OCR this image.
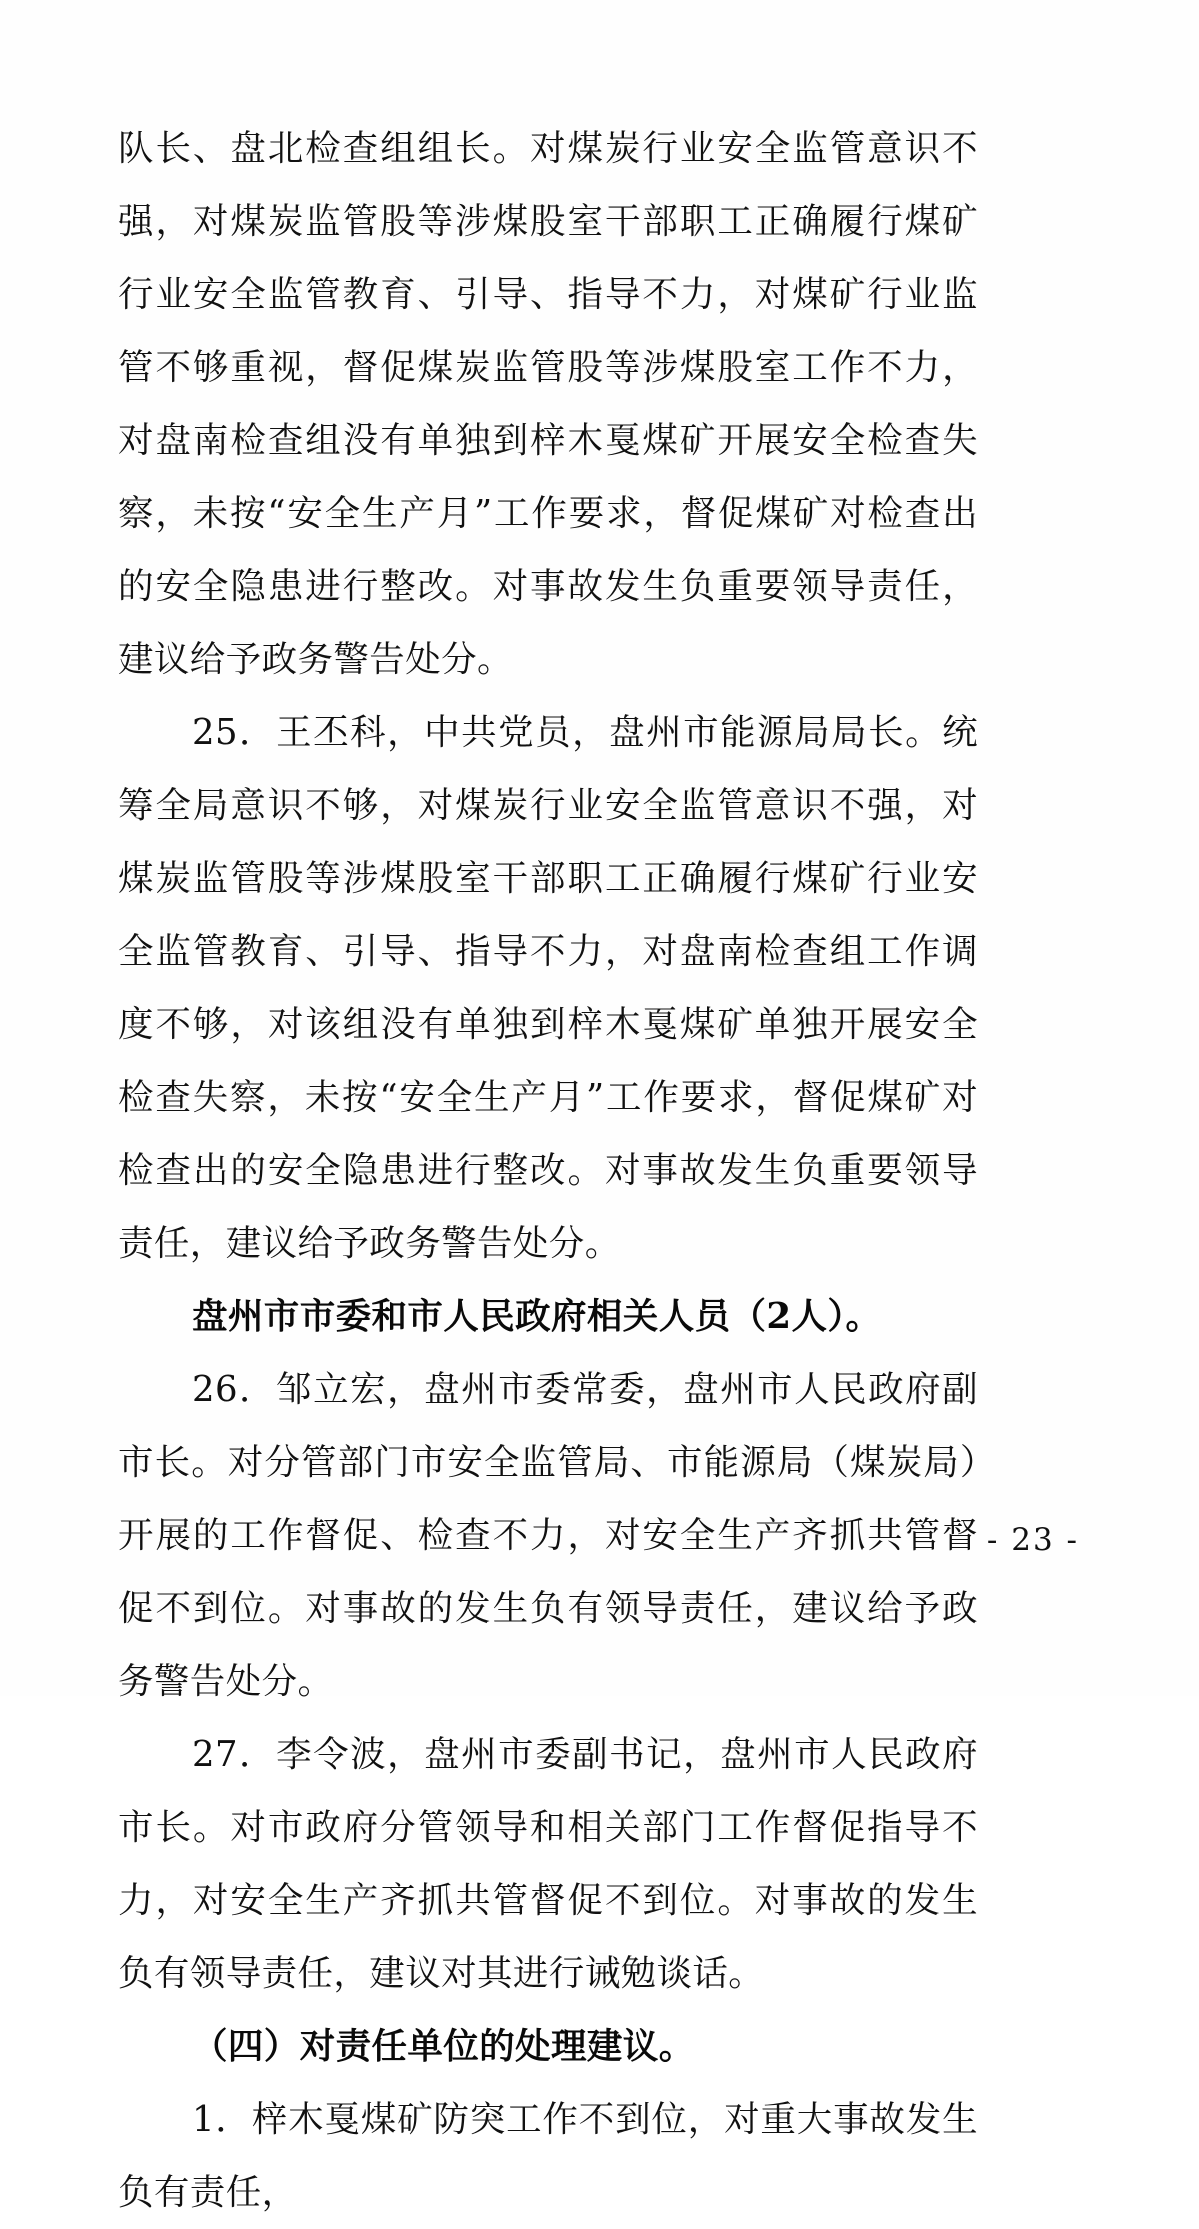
队长、盘北检查组组长。对煤炭行业安全监管意识不强，对煤炭监管股等涉煤股室干部职工正确履行煤矿行业安全监管教育、引导、指导不力，对煤矿行业监管不够重视，督促煤炭监管股等涉煤股室工作不力，对盘南检查组没有单独到梓木戛煤矿开展安全检查失察，未按“安全生产月”工作要求，督促煤矿对检查出的安全隐患进行整改。对事故发生负重要领导责任，建议给予政务警告处分。

25．王丕科，中共党员，盘州市能源局局长。统筹全局意识不够，对煤炭行业安全监管意识不强，对煤炭监管股等涉煤股室干部职工正确履行煤矿行业安全监管教育、引导、指导不力，对盘南检查组工作调度不够，对该组没有单独到梓木戛煤矿单独开展安全检查失察，未按“安全生产月”工作要求，督促煤矿对检查出的安全隐患进行整改。对事故发生负重要领导责任，建议给予政务警告处分。

盘州市市委和市人民政府相关人员（2人）。

26．邹立宏，盘州市委常委，盘州市人民政府副市长。对分管部门市安全监管局、市能源局（煤炭局）开展的工作督促、检查不力，对安全生产齐抓共管督促不到位。对事故的发生负有领导责任，建议给予政务警告处分。

27．李令波，盘州市委副书记，盘州市人民政府市长。对市政府分管领导和相关部门工作督促指导不力，对安全生产齐抓共管督促不到位。对事故的发生负有领导责任，建议对其进行诫勉谈话。

（四）对责任单位的处理建议。

1．梓木戛煤矿防突工作不到位，对重大事故发生负有责任，

- 23 -
